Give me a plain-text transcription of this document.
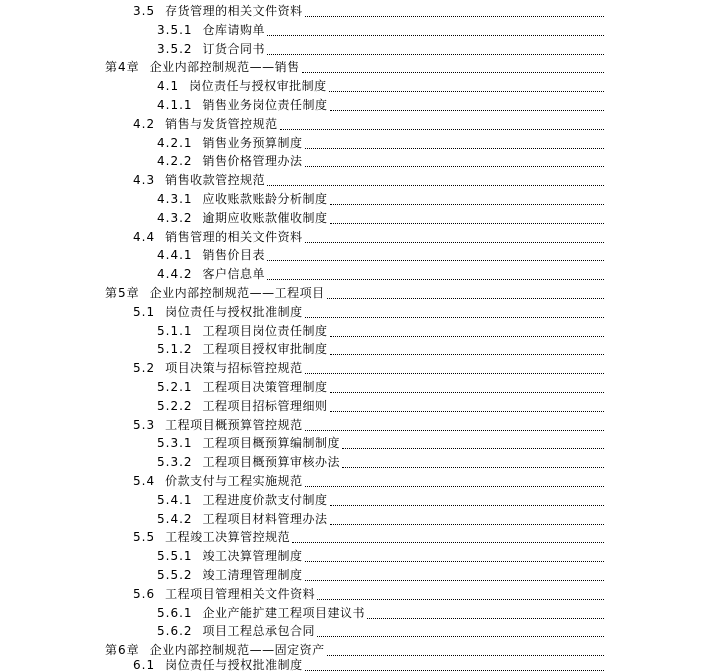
3.5 存货管理的相关文件资料
3.5.1 仓库请购单
3.5.2 订货合同书
第4章 企业内部控制规范——销售
4.1 岗位责任与授权审批制度
4.1.1 销售业务岗位责任制度
4.2 销售与发货管控规范
4.2.1 销售业务预算制度
4.2.2 销售价格管理办法
4.3 销售收款管控规范
4.3.1 应收账款账龄分析制度
4.3.2 逾期应收账款催收制度
4.4 销售管理的相关文件资料
4.4.1 销售价目表
4.4.2 客户信息单
第5章 企业内部控制规范——工程项目
5.1 岗位责任与授权批准制度
5.1.1 工程项目岗位责任制度
5.1.2 工程项目授权审批制度
5.2 项目决策与招标管控规范
5.2.1 工程项目决策管理制度
5.2.2 工程项目招标管理细则
5.3 工程项目概预算管控规范
5.3.1 工程项目概预算编制制度
5.3.2 工程项目概预算审核办法
5.4 价款支付与工程实施规范
5.4.1 工程进度价款支付制度
5.4.2 工程项目材料管理办法
5.5 工程竣工决算管控规范
5.5.1 竣工决算管理制度
5.5.2 竣工清理管理制度
5.6 工程项目管理相关文件资料
5.6.1 企业产能扩建工程项目建议书
5.6.2 项目工程总承包合同
第6章 企业内部控制规范——固定资产
6.1 岗位责任与授权批准制度
